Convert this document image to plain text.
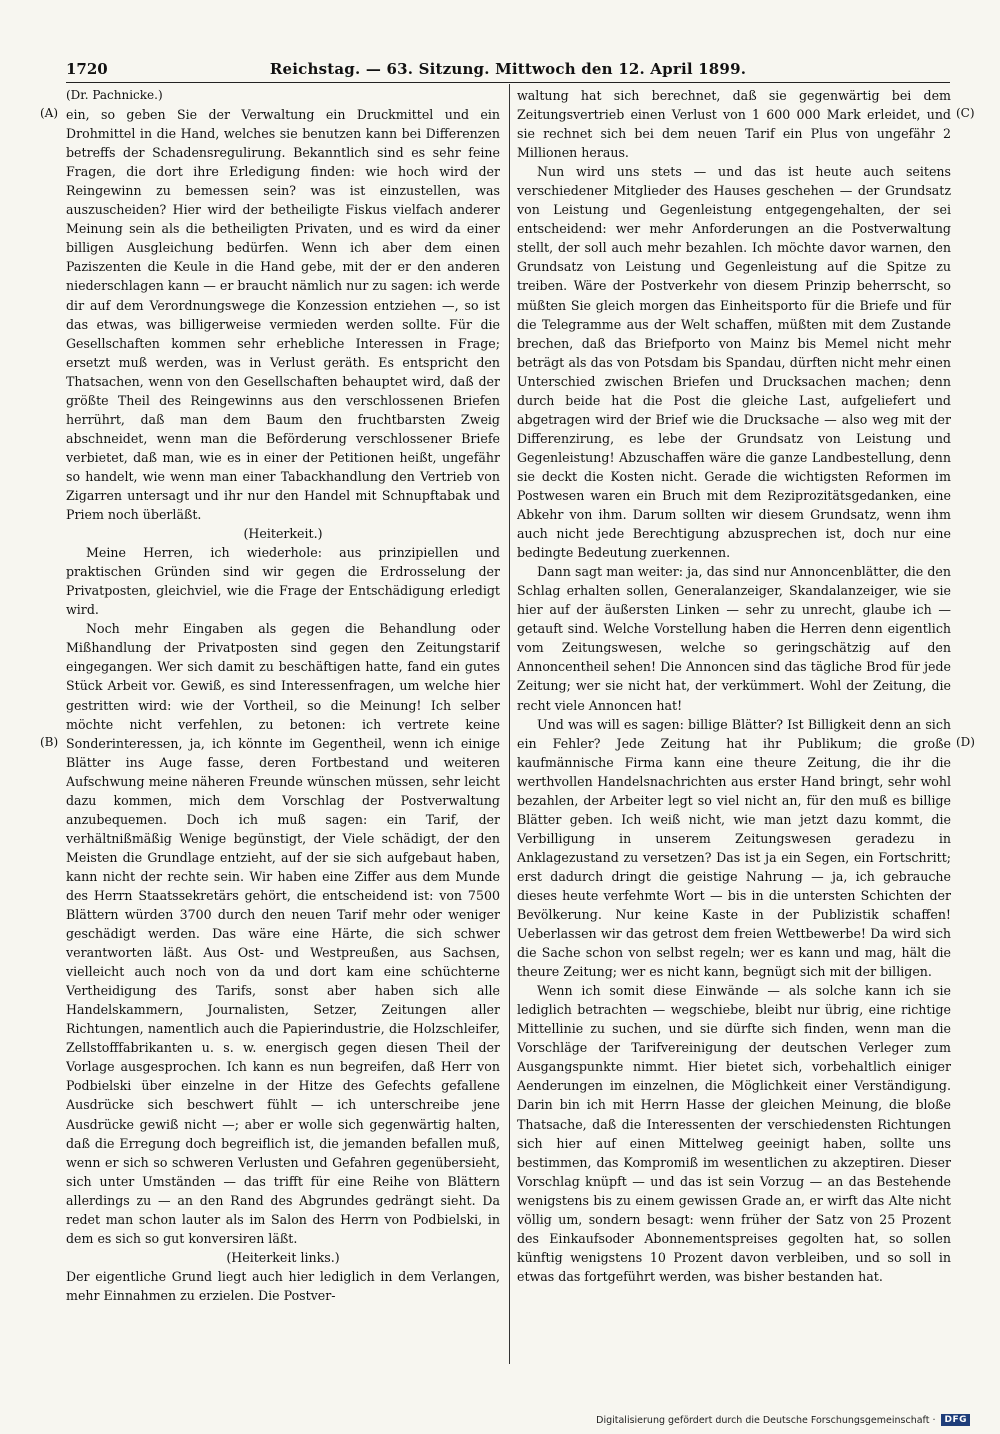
1720	Reichstag. — 63. Sitzung. Mittwoch den 12. April 1899.
(A)
(B)
(C)
(D)

(Dr. Pachnicke.)

ein, so geben Sie der Verwaltung ein Druckmittel und ein Drohmittel in die Hand, welches sie benutzen kann bei Differenzen betreffs der Schadensregulirung. Bekanntlich sind es sehr feine Fragen, die dort ihre Erledigung finden: wie hoch wird der Reingewinn zu bemessen sein? was ist einzustellen, was auszuscheiden? Hier wird der betheiligte Fiskus vielfach anderer Meinung sein als die betheiligten Privaten, und es wird da einer billigen Ausgleichung bedürfen. Wenn ich aber dem einen Paziszenten die Keule in die Hand gebe, mit der er den anderen niederschlagen kann — er braucht nämlich nur zu sagen: ich werde dir auf dem Verordnungswege die Konzession entziehen —, so ist das etwas, was billigerweise vermieden werden sollte. Für die Gesellschaften kommen sehr erhebliche Interessen in Frage; ersetzt muß werden, was in Verlust geräth. Es entspricht den Thatsachen, wenn von den Gesellschaften behauptet wird, daß der größte Theil des Reingewinns aus den verschlossenen Briefen herrührt, daß man dem Baum den fruchtbarsten Zweig abschneidet, wenn man die Beförderung verschlossener Briefe verbietet, daß man, wie es in einer der Petitionen heißt, ungefähr so handelt, wie wenn man einer Tabackhandlung den Vertrieb von Zigarren untersagt und ihr nur den Handel mit Schnupftabak und Priem noch überläßt.

(Heiterkeit.)

Meine Herren, ich wiederhole: aus prinzipiellen und praktischen Gründen sind wir gegen die Erdrosselung der Privatposten, gleichviel, wie die Frage der Entschädigung erledigt wird.

Noch mehr Eingaben als gegen die Behandlung oder Mißhandlung der Privatposten sind gegen den Zeitungstarif eingegangen. Wer sich damit zu beschäftigen hatte, fand ein gutes Stück Arbeit vor. Gewiß, es sind Interessenfragen, um welche hier gestritten wird: wie der Vortheil, so die Meinung! Ich selber möchte nicht verfehlen, zu betonen: ich vertrete keine Sonderinteressen, ja, ich könnte im Gegentheil, wenn ich einige Blätter ins Auge fasse, deren Fortbestand und weiteren Aufschwung meine näheren Freunde wünschen müssen, sehr leicht dazu kommen, mich dem Vorschlag der Postverwaltung anzubequemen. Doch ich muß sagen: ein Tarif, der verhältnißmäßig Wenige begünstigt, der Viele schädigt, der den Meisten die Grundlage entzieht, auf der sie sich aufgebaut haben, kann nicht der rechte sein. Wir haben eine Ziffer aus dem Munde des Herrn Staatssekretärs gehört, die entscheidend ist: von 7500 Blättern würden 3700 durch den neuen Tarif mehr oder weniger geschädigt werden. Das wäre eine Härte, die sich schwer verantworten läßt. Aus Ost- und Westpreußen, aus Sachsen, vielleicht auch noch von da und dort kam eine schüchterne Vertheidigung des Tarifs, sonst aber haben sich alle Handelskammern, Journalisten, Setzer, Zeitungen aller Richtungen, namentlich auch die Papierindustrie, die Holzschleifer, Zellstofffabrikanten u. s. w. energisch gegen diesen Theil der Vorlage ausgesprochen. Ich kann es nun begreifen, daß Herr von Podbielski über einzelne in der Hitze des Gefechts gefallene Ausdrücke sich beschwert fühlt — ich unterschreibe jene Ausdrücke gewiß nicht —; aber er wolle sich gegenwärtig halten, daß die Erregung doch begreiflich ist, die jemanden befallen muß, wenn er sich so schweren Verlusten und Gefahren gegenübersieht, sich unter Umständen — das trifft für eine Reihe von Blättern allerdings zu — an den Rand des Abgrundes gedrängt sieht. Da redet man schon lauter als im Salon des Herrn von Podbielski, in dem es sich so gut konversiren läßt.

(Heiterkeit links.)

Der eigentliche Grund liegt auch hier lediglich in dem Verlangen, mehr Einnahmen zu erzielen. Die Postver-

waltung hat sich berechnet, daß sie gegenwärtig bei dem Zeitungsvertrieb einen Verlust von 1 600 000 Mark erleidet, und sie rechnet sich bei dem neuen Tarif ein Plus von ungefähr 2 Millionen heraus.

Nun wird uns stets — und das ist heute auch seitens verschiedener Mitglieder des Hauses geschehen — der Grundsatz von Leistung und Gegenleistung entgegengehalten, der sei entscheidend: wer mehr Anforderungen an die Postverwaltung stellt, der soll auch mehr bezahlen. Ich möchte davor warnen, den Grundsatz von Leistung und Gegenleistung auf die Spitze zu treiben. Wäre der Postverkehr von diesem Prinzip beherrscht, so müßten Sie gleich morgen das Einheitsporto für die Briefe und für die Telegramme aus der Welt schaffen, müßten mit dem Zustande brechen, daß das Briefporto von Mainz bis Memel nicht mehr beträgt als das von Potsdam bis Spandau, dürften nicht mehr einen Unterschied zwischen Briefen und Drucksachen machen; denn durch beide hat die Post die gleiche Last, aufgeliefert und abgetragen wird der Brief wie die Drucksache — also weg mit der Differenzirung, es lebe der Grundsatz von Leistung und Gegenleistung! Abzuschaffen wäre die ganze Landbestellung, denn sie deckt die Kosten nicht. Gerade die wichtigsten Reformen im Postwesen waren ein Bruch mit dem Reziprozitätsgedanken, eine Abkehr von ihm. Darum sollten wir diesem Grundsatz, wenn ihm auch nicht jede Berechtigung abzusprechen ist, doch nur eine bedingte Bedeutung zuerkennen.

Dann sagt man weiter: ja, das sind nur Annoncenblätter, die den Schlag erhalten sollen, Generalanzeiger, Skandalanzeiger, wie sie hier auf der äußersten Linken — sehr zu unrecht, glaube ich — getauft sind. Welche Vorstellung haben die Herren denn eigentlich vom Zeitungswesen, welche so geringschätzig auf den Annoncentheil sehen! Die Annoncen sind das tägliche Brod für jede Zeitung; wer sie nicht hat, der verkümmert. Wohl der Zeitung, die recht viele Annoncen hat!

Und was will es sagen: billige Blätter? Ist Billigkeit denn an sich ein Fehler? Jede Zeitung hat ihr Publikum; die große kaufmännische Firma kann eine theure Zeitung, die ihr die werthvollen Handelsnachrichten aus erster Hand bringt, sehr wohl bezahlen, der Arbeiter legt so viel nicht an, für den muß es billige Blätter geben. Ich weiß nicht, wie man jetzt dazu kommt, die Verbilligung in unserem Zeitungswesen geradezu in Anklagezustand zu versetzen? Das ist ja ein Segen, ein Fortschritt; erst dadurch dringt die geistige Nahrung — ja, ich gebrauche dieses heute verfehmte Wort — bis in die untersten Schichten der Bevölkerung. Nur keine Kaste in der Publizistik schaffen! Ueberlassen wir das getrost dem freien Wettbewerbe! Da wird sich die Sache schon von selbst regeln; wer es kann und mag, hält die theure Zeitung; wer es nicht kann, begnügt sich mit der billigen.

Wenn ich somit diese Einwände — als solche kann ich sie lediglich betrachten — wegschiebe, bleibt nur übrig, eine richtige Mittellinie zu suchen, und sie dürfte sich finden, wenn man die Vorschläge der Tarifvereinigung der deutschen Verleger zum Ausgangspunkte nimmt. Hier bietet sich, vorbehaltlich einiger Aenderungen im einzelnen, die Möglichkeit einer Verständigung. Darin bin ich mit Herrn Hasse der gleichen Meinung, die bloße Thatsache, daß die Interessenten der verschiedensten Richtungen sich hier auf einen Mittelweg geeinigt haben, sollte uns bestimmen, das Kompromiß im wesentlichen zu akzeptiren. Dieser Vorschlag knüpft — und das ist sein Vorzug — an das Bestehende wenigstens bis zu einem gewissen Grade an, er wirft das Alte nicht völlig um, sondern besagt: wenn früher der Satz von 25 Prozent des Einkaufsoder Abonnementspreises gegolten hat, so sollen künftig wenigstens 10 Prozent davon verbleiben, und so soll in etwas das fortgeführt werden, was bisher bestanden hat.

Digitalisierung gefördert durch die Deutsche Forschungsgemeinschaft ·	DFG
